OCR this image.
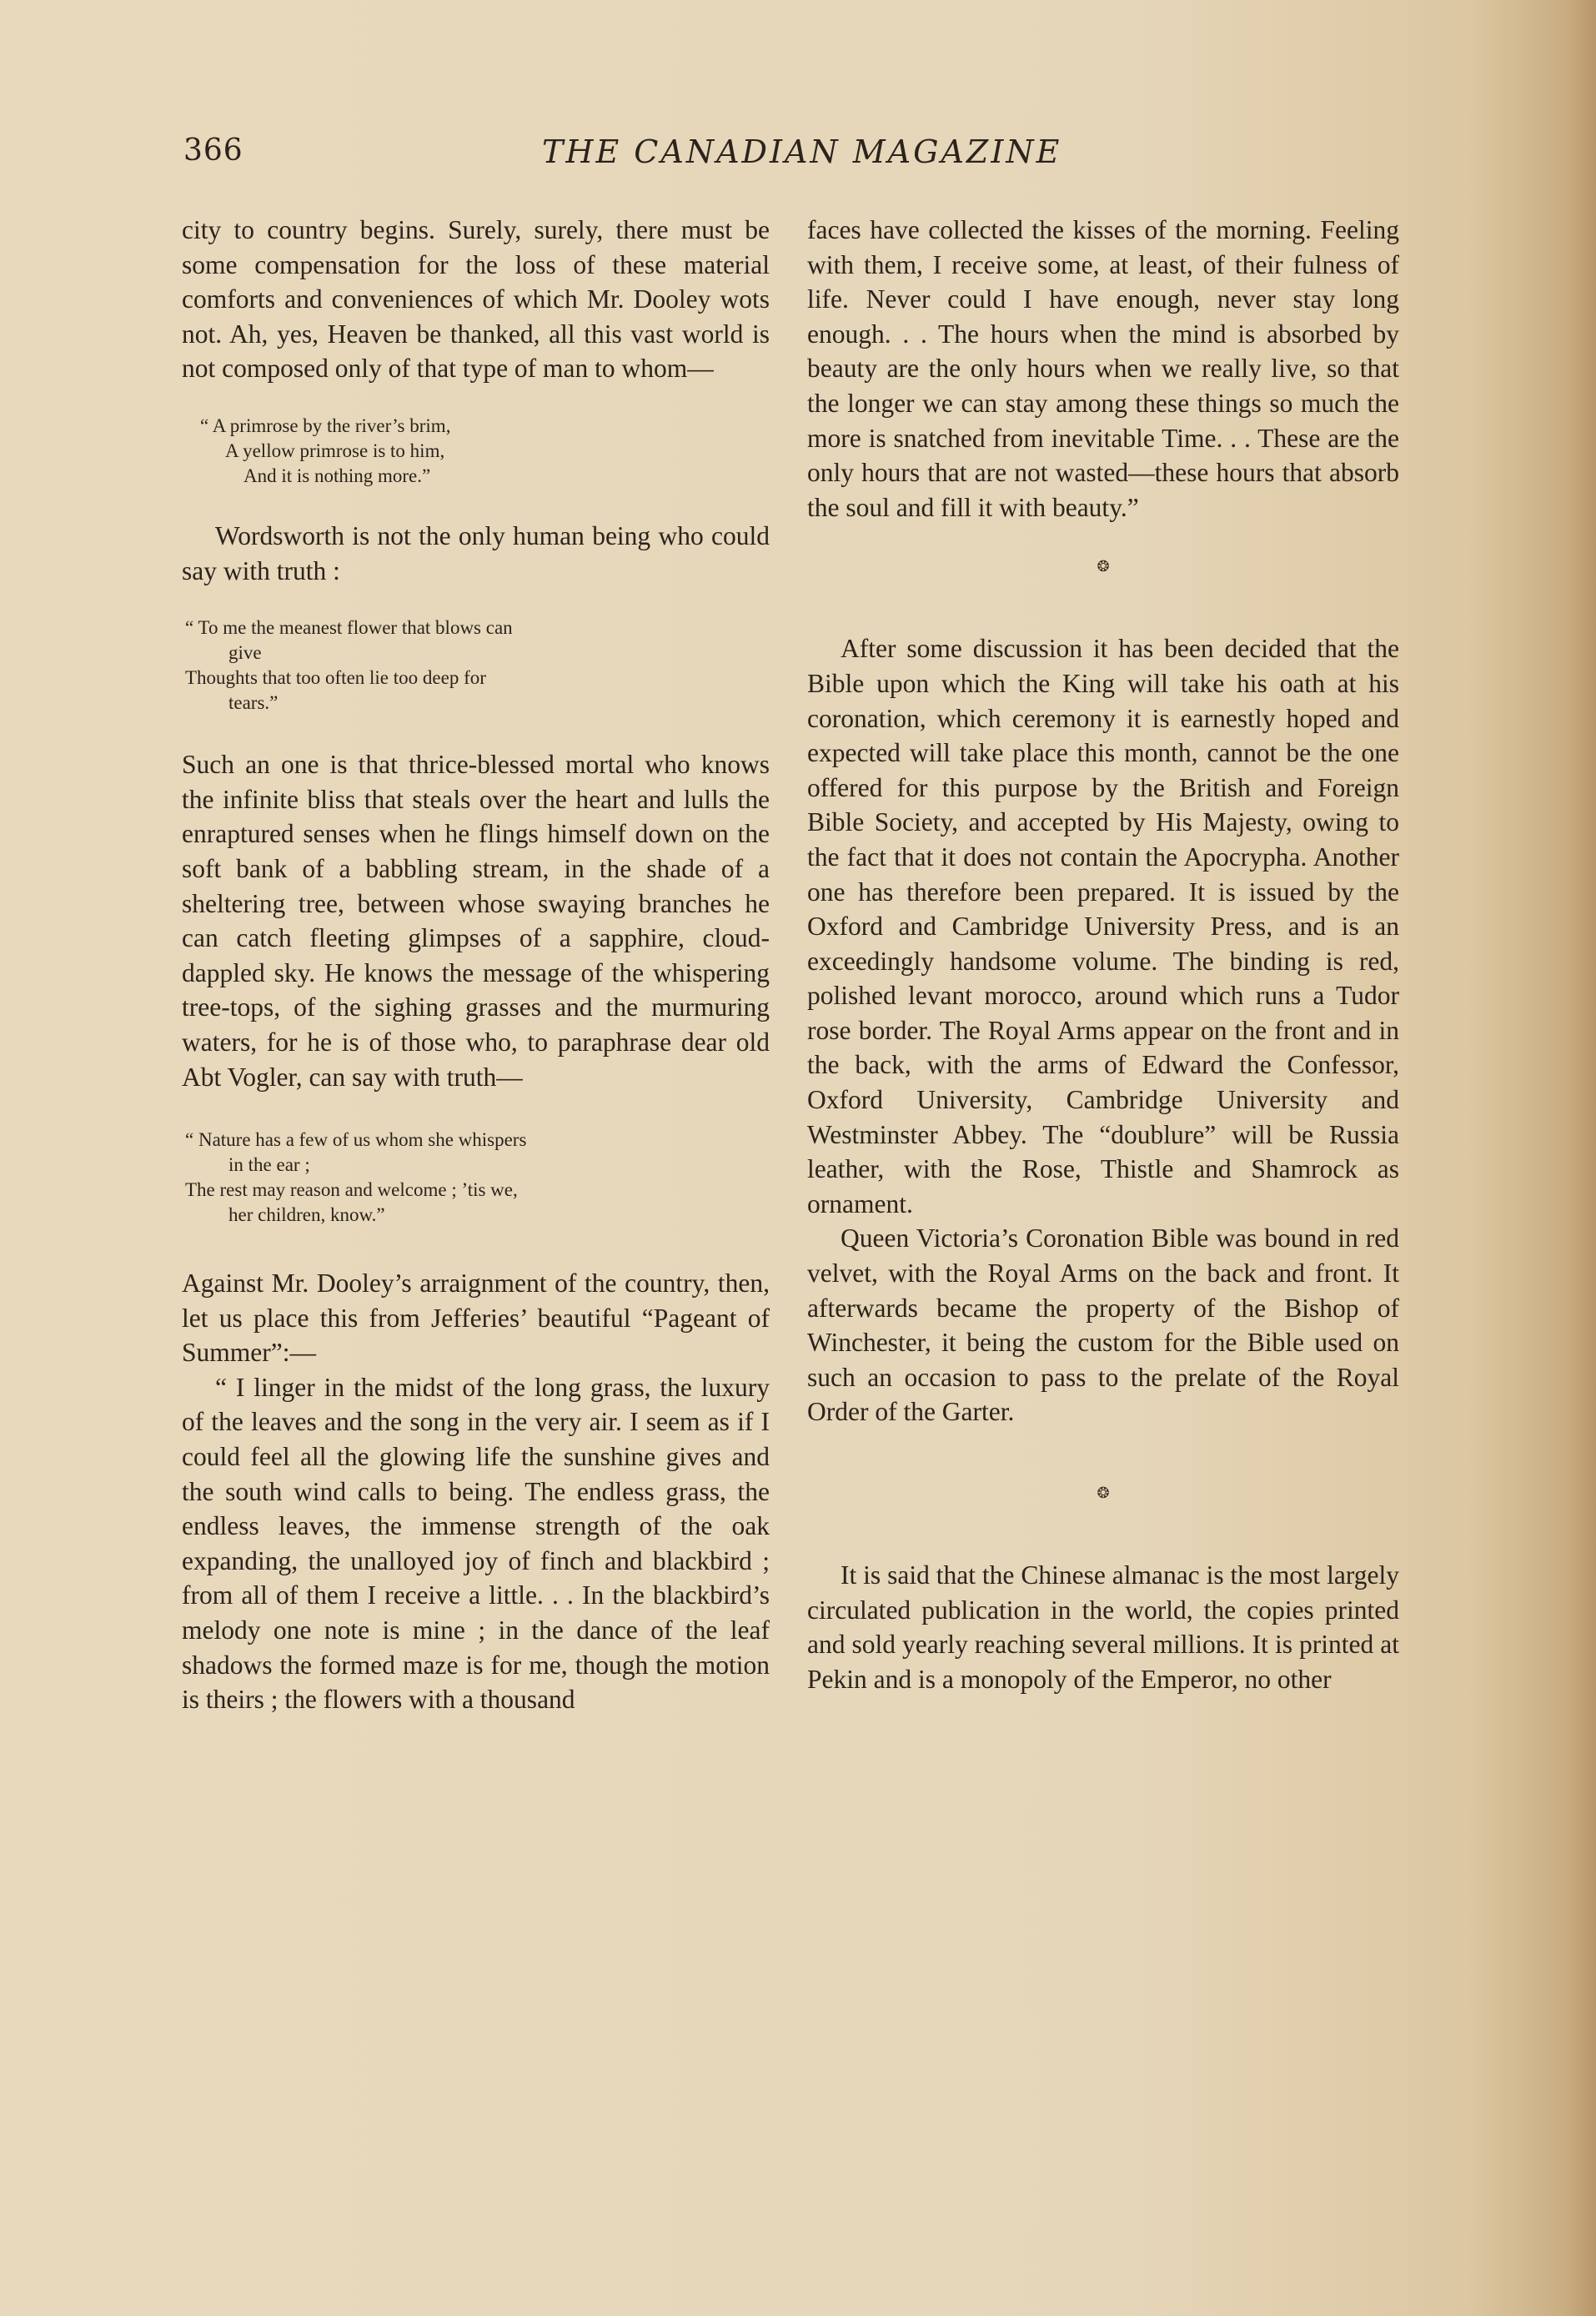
366	THE CANADIAN MAGAZINE

city to country begins. Surely, surely, there must be some compensation for the loss of these material comforts and conveniences of which Mr. Dooley wots not. Ah, yes, Heaven be thanked, all this vast world is not composed only of that type of man to whom—

“ A primrose by the river’s brim,
A yellow primrose is to him,
And it is nothing more.”

Wordsworth is not the only human being who could say with truth :

“ To me the meanest flower that blows can
give
Thoughts that too often lie too deep for
tears.”

Such an one is that thrice-blessed mortal who knows the infinite bliss that steals over the heart and lulls the enraptured senses when he flings himself down on the soft bank of a babbling stream, in the shade of a sheltering tree, between whose swaying branches he can catch fleeting glimpses of a sapphire, cloud-dappled sky. He knows the message of the whispering tree-tops, of the sighing grasses and the murmuring waters, for he is of those who, to paraphrase dear old Abt Vogler, can say with truth—

“ Nature has a few of us whom she whispers
in the ear ;
The rest may reason and welcome ; ’tis we,
her children, know.”

Against Mr. Dooley’s arraignment of the country, then, let us place this from Jefferies’ beautiful “Pageant of Summer”:—

“ I linger in the midst of the long grass, the luxury of the leaves and the song in the very air. I seem as if I could feel all the glowing life the sunshine gives and the south wind calls to being. The endless grass, the endless leaves, the immense strength of the oak expanding, the unalloyed joy of finch and blackbird ; from all of them I receive a little. . . In the blackbird’s melody one note is mine ; in the dance of the leaf shadows the formed maze is for me, though the motion is theirs ; the flowers with a thousand

faces have collected the kisses of the morning. Feeling with them, I receive some, at least, of their fulness of life. Never could I have enough, never stay long enough. . . The hours when the mind is absorbed by beauty are the only hours when we really live, so that the longer we can stay among these things so much the more is snatched from inevitable Time. . . These are the only hours that are not wasted—these hours that absorb the soul and fill it with beauty.”

❂

After some discussion it has been decided that the Bible upon which the King will take his oath at his coronation, which ceremony it is earnestly hoped and expected will take place this month, cannot be the one offered for this purpose by the British and Foreign Bible Society, and accepted by His Majesty, owing to the fact that it does not contain the Apocrypha. Another one has therefore been prepared. It is issued by the Oxford and Cambridge University Press, and is an exceedingly handsome volume. The binding is red, polished levant morocco, around which runs a Tudor rose border. The Royal Arms appear on the front and in the back, with the arms of Edward the Confessor, Oxford University, Cambridge University and Westminster Abbey. The “doublure” will be Russia leather, with the Rose, Thistle and Shamrock as ornament.

Queen Victoria’s Coronation Bible was bound in red velvet, with the Royal Arms on the back and front. It afterwards became the property of the Bishop of Winchester, it being the custom for the Bible used on such an occasion to pass to the prelate of the Royal Order of the Garter.

❂

It is said that the Chinese almanac is the most largely circulated publication in the world, the copies printed and sold yearly reaching several millions. It is printed at Pekin and is a monopoly of the Emperor, no other
